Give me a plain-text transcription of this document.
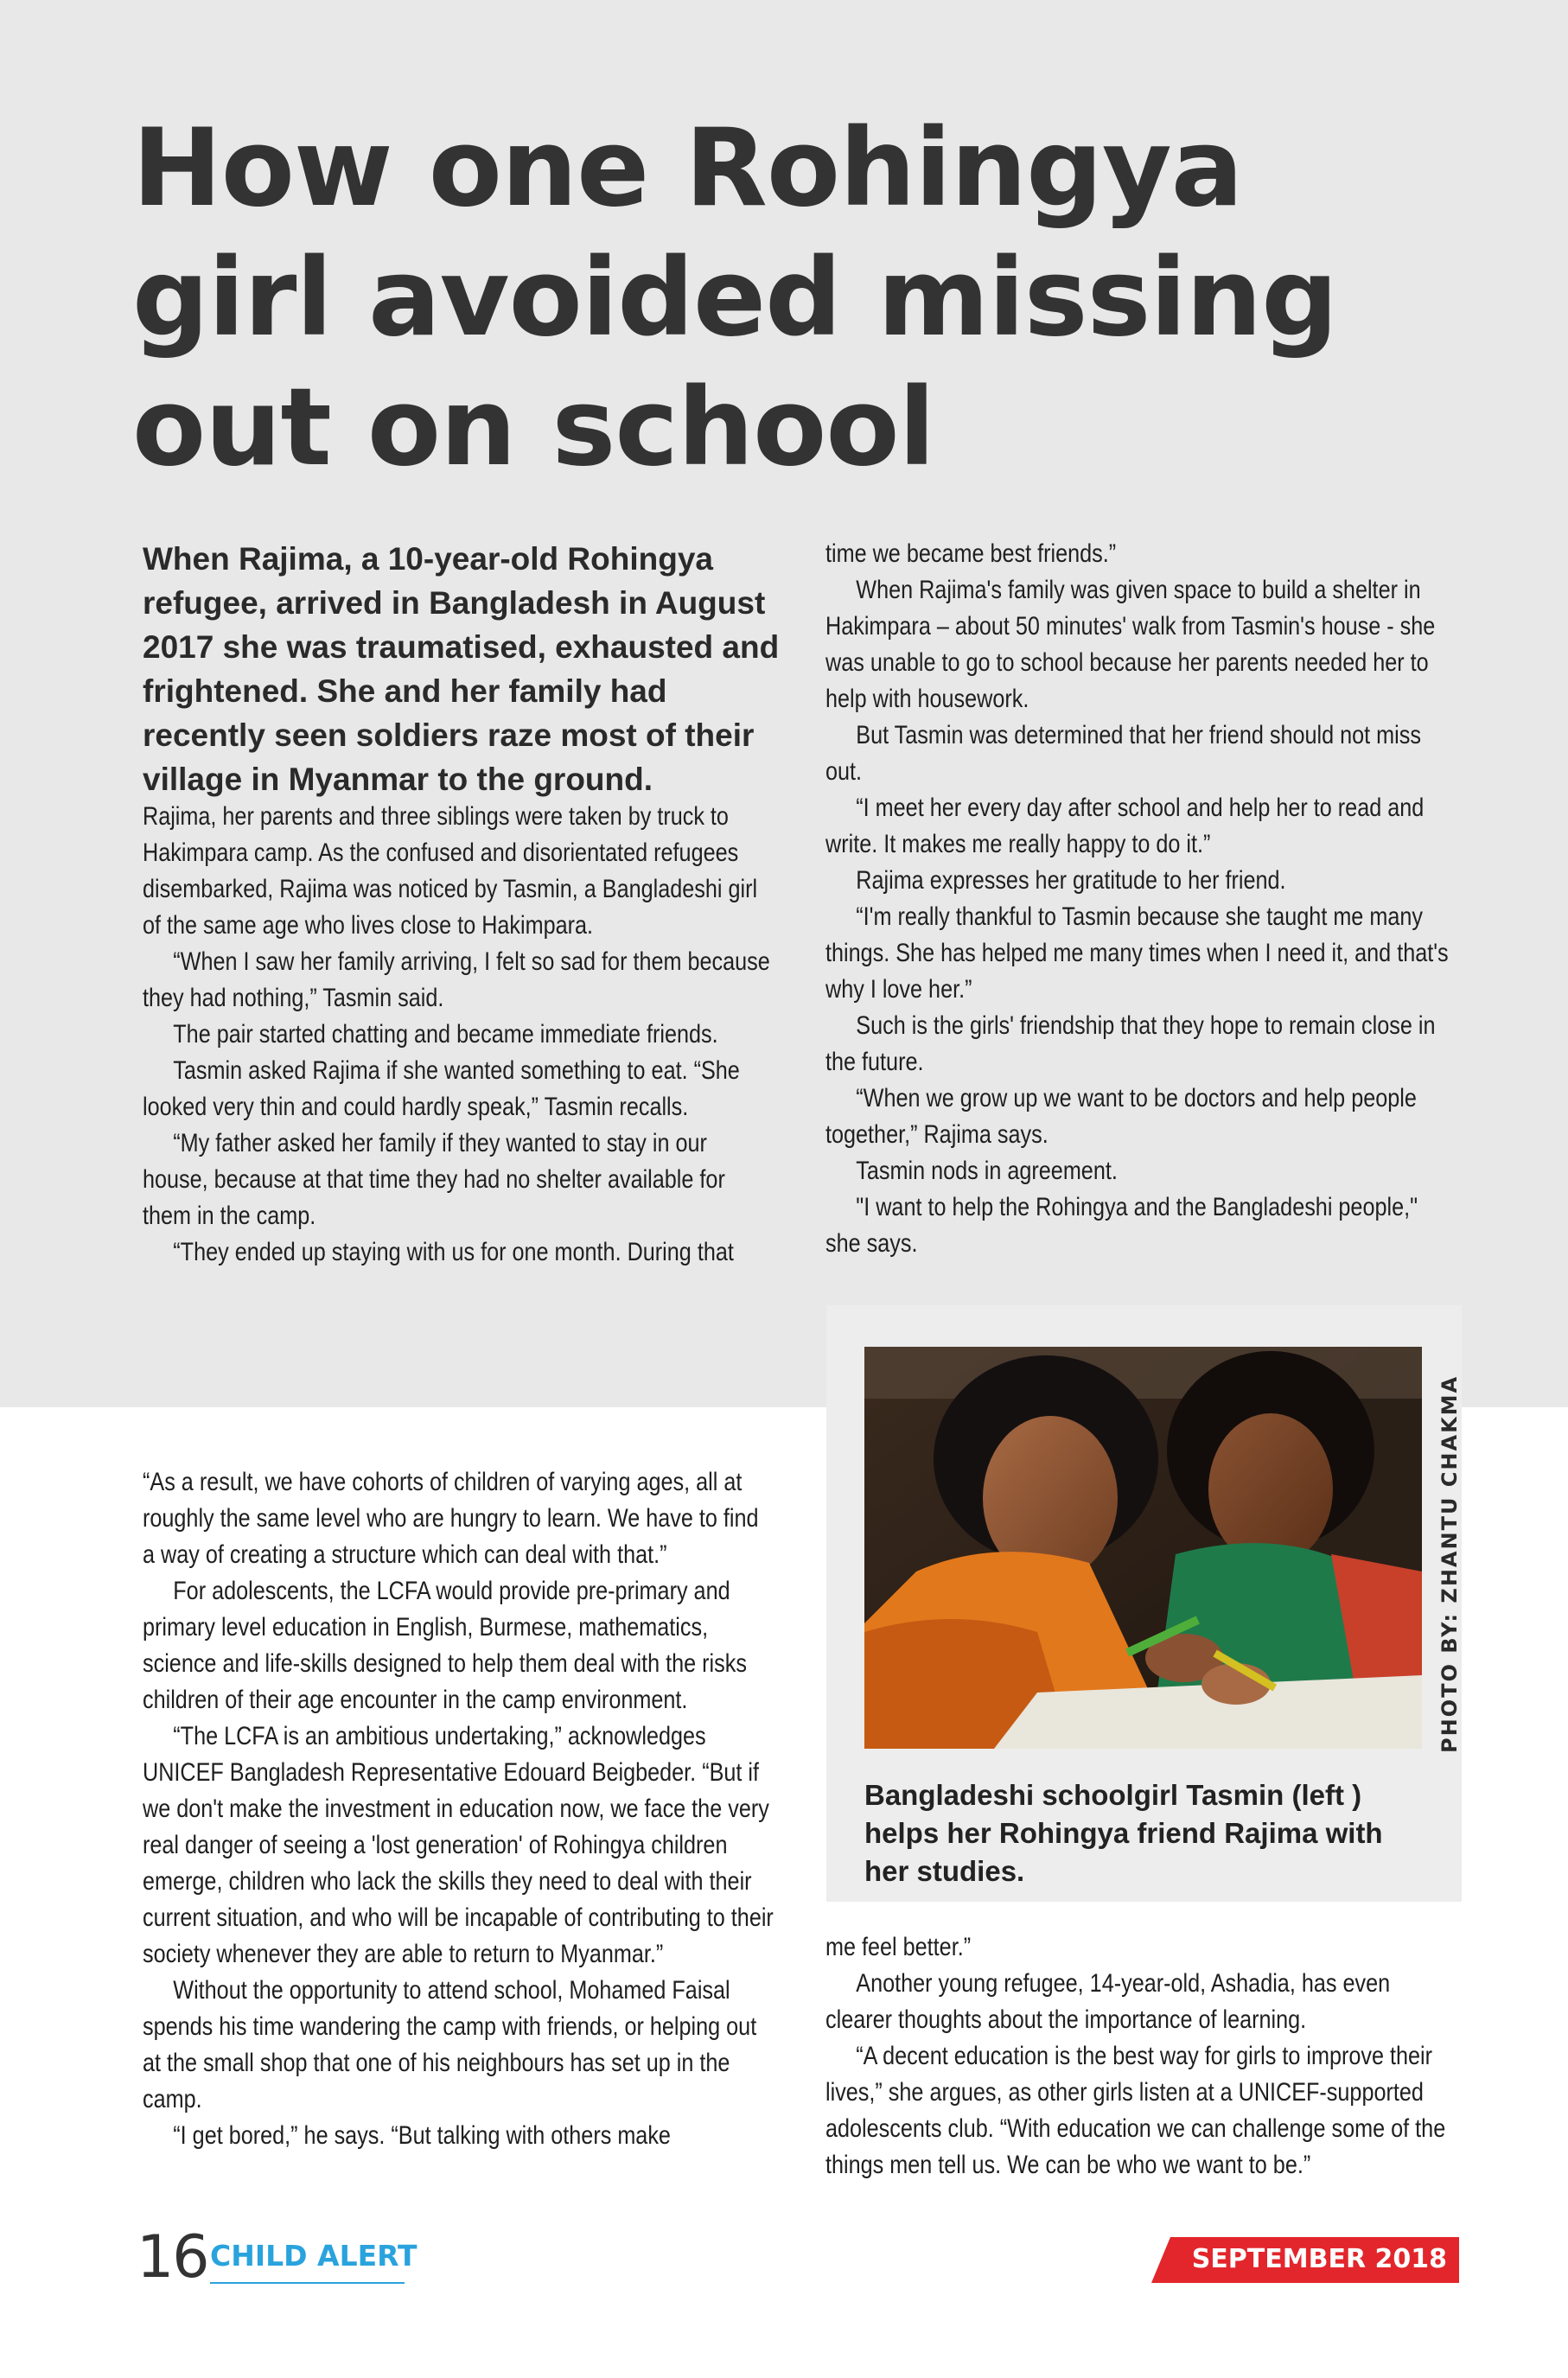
How one Rohingya girl avoided missing out on school

When Rajima, a 10-year-old Rohingya refugee, arrived in Bangladesh in August 2017 she was traumatised, exhausted and frightened. She and her family had recently seen soldiers raze most of their village in Myanmar to the ground.

Rajima, her parents and three siblings were taken by truck to Hakimpara camp. As the confused and disorientated refugees disembarked, Rajima was noticed by Tasmin, a Bangladeshi girl of the same age who lives close to Hakimpara.

“When I saw her family arriving, I felt so sad for them because they had nothing,” Tasmin said.

The pair started chatting and became immediate friends.

Tasmin asked Rajima if she wanted something to eat. “She looked very thin and could hardly speak,” Tasmin recalls.

“My father asked her family if they wanted to stay in our house, because at that time they had no shelter available for them in the camp.

“They ended up staying with us for one month. During that

time we became best friends.”

When Rajima's family was given space to build a shelter in Hakimpara – about 50 minutes' walk from Tasmin's house - she was unable to go to school because her parents needed her to help with housework.

But Tasmin was determined that her friend should not miss out.

“I meet her every day after school and help her to read and write. It makes me really happy to do it.”

Rajima expresses her gratitude to her friend.

“I'm really thankful to Tasmin because she taught me many things. She has helped me many times when I need it, and that's why I love her.”

Such is the girls' friendship that they hope to remain close in the future.

“When we grow up we want to be doctors and help people together,” Rajima says.

Tasmin nods in agreement.

"I want to help the Rohingya and the Bangladeshi people," she says.

“As a result, we have cohorts of children of varying ages, all at roughly the same level who are hungry to learn. We have to find a way of creating a structure which can deal with that.”

For adolescents, the LCFA would provide pre-primary and primary level education in English, Burmese, mathematics, science and life-skills designed to help them deal with the risks children of their age encounter in the camp environment.

“The LCFA is an ambitious undertaking,” acknowledges UNICEF Bangladesh Representative Edouard Beigbeder. “But if we don't make the investment in education now, we face the very real danger of seeing a 'lost generation' of Rohingya children emerge, children who lack the skills they need to deal with their current situation, and who will be incapable of contributing to their society whenever they are able to return to Myanmar.”

Without the opportunity to attend school, Mohamed Faisal spends his time wandering the camp with friends, or helping out at the small shop that one of his neighbours has set up in the camp.

“I get bored,” he says. “But talking with others make

PHOTO BY: ZHANTU CHAKMA

Bangladeshi schoolgirl Tasmin (left ) helps her Rohingya friend Rajima with her studies.

me feel better.”

Another young refugee, 14-year-old, Ashadia, has even clearer thoughts about the importance of learning.

“A decent education is the best way for girls to improve their lives,” she argues, as other girls listen at a UNICEF-supported adolescents club. “With education we can challenge some of the things men tell us. We can be who we want to be.”

16 CHILD ALERT	SEPTEMBER 2018
